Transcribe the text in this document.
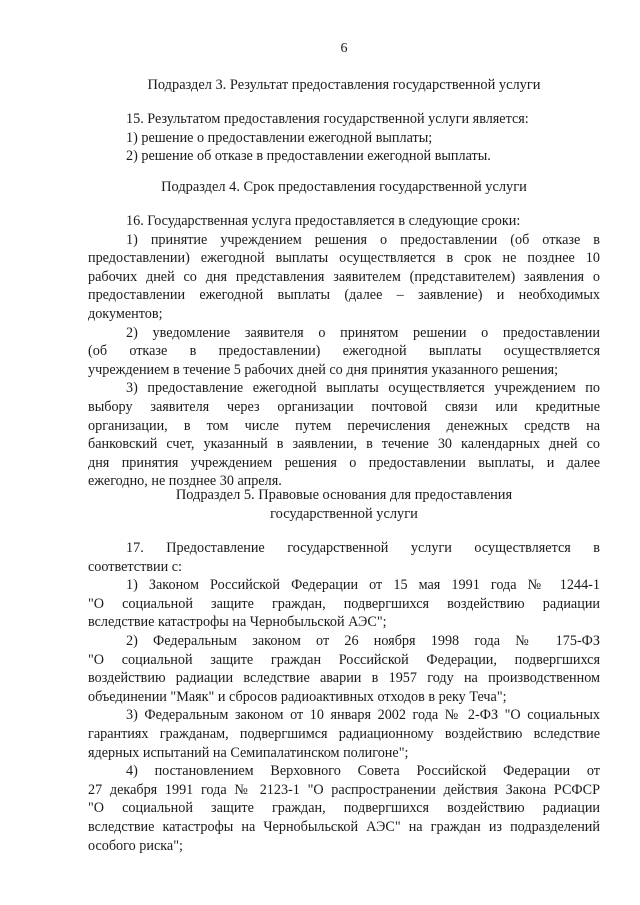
6
Подраздел 3. Результат предоставления государственной услуги
15. Результатом предоставления государственной услуги является:
1) решение о предоставлении ежегодной выплаты;
2) решение об отказе в предоставлении ежегодной выплаты.
Подраздел 4. Срок предоставления государственной услуги
16. Государственная услуга предоставляется в следующие сроки:
1) принятие учреждением решения о предоставлении (об отказе в
предоставлении) ежегодной выплаты осуществляется в срок не позднее 10
рабочих дней со дня представления заявителем (представителем) заявления о
предоставлении ежегодной выплаты (далее – заявление) и необходимых
документов;
2) уведомление заявителя о принятом решении о предоставлении
(об отказе в предоставлении) ежегодной выплаты осуществляется
учреждением в течение 5 рабочих дней со дня принятия указанного решения;
3) предоставление ежегодной выплаты осуществляется учреждением по
выбору заявителя через организации почтовой связи или кредитные
организации, в том числе путем перечисления денежных средств на
банковский счет, указанный в заявлении, в течение 30 календарных дней со
дня принятия учреждением решения о предоставлении выплаты, и далее
ежегодно, не позднее 30 апреля.
Подраздел 5. Правовые основания для предоставления
государственной услуги
17. Предоставление государственной услуги осуществляется в
соответствии с:
1) Законом Российской Федерации от 15 мая 1991 года № 1244-1
"О социальной защите граждан, подвергшихся воздействию радиации
вследствие катастрофы на Чернобыльской АЭС";
2) Федеральным законом от 26 ноября 1998 года № 175-ФЗ
"О социальной защите граждан Российской Федерации, подвергшихся
воздействию радиации вследствие аварии в 1957 году на производственном
объединении "Маяк" и сбросов радиоактивных отходов в реку Теча";
3) Федеральным законом от 10 января 2002 года № 2-ФЗ "О социальных
гарантиях гражданам, подвергшимся радиационному воздействию вследствие
ядерных испытаний на Семипалатинском полигоне";
4) постановлением Верховного Совета Российской Федерации от
27 декабря 1991 года № 2123-1 "О распространении действия Закона РСФСР
"О социальной защите граждан, подвергшихся воздействию радиации
вследствие катастрофы на Чернобыльской АЭС" на граждан из подразделений
особого риска";
